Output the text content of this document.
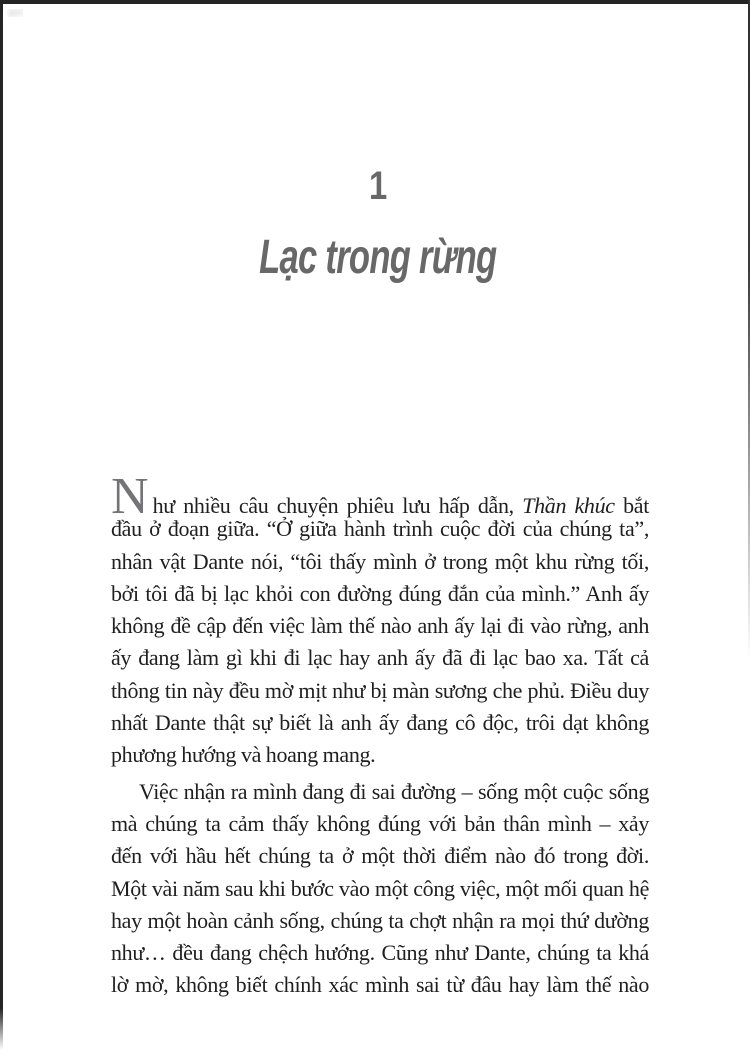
1
Lạc trong rừng
Như nhiều câu chuyện phiêu lưu hấp dẫn, Thần khúc bắt
đầu ở đoạn giữa. “Ở giữa hành trình cuộc đời của chúng ta”,
nhân vật Dante nói, “tôi thấy mình ở trong một khu rừng tối,
bởi tôi đã bị lạc khỏi con đường đúng đắn của mình.” Anh ấy
không đề cập đến việc làm thế nào anh ấy lại đi vào rừng, anh
ấy đang làm gì khi đi lạc hay anh ấy đã đi lạc bao xa. Tất cả
thông tin này đều mờ mịt như bị màn sương che phủ. Điều duy
nhất Dante thật sự biết là anh ấy đang cô độc, trôi dạt không
phương hướng và hoang mang.
Việc nhận ra mình đang đi sai đường – sống một cuộc sống
mà chúng ta cảm thấy không đúng với bản thân mình – xảy
đến với hầu hết chúng ta ở một thời điểm nào đó trong đời.
Một vài năm sau khi bước vào một công việc, một mối quan hệ
hay một hoàn cảnh sống, chúng ta chợt nhận ra mọi thứ dường
như… đều đang chệch hướng. Cũng như Dante, chúng ta khá
lờ mờ, không biết chính xác mình sai từ đâu hay làm thế nào
